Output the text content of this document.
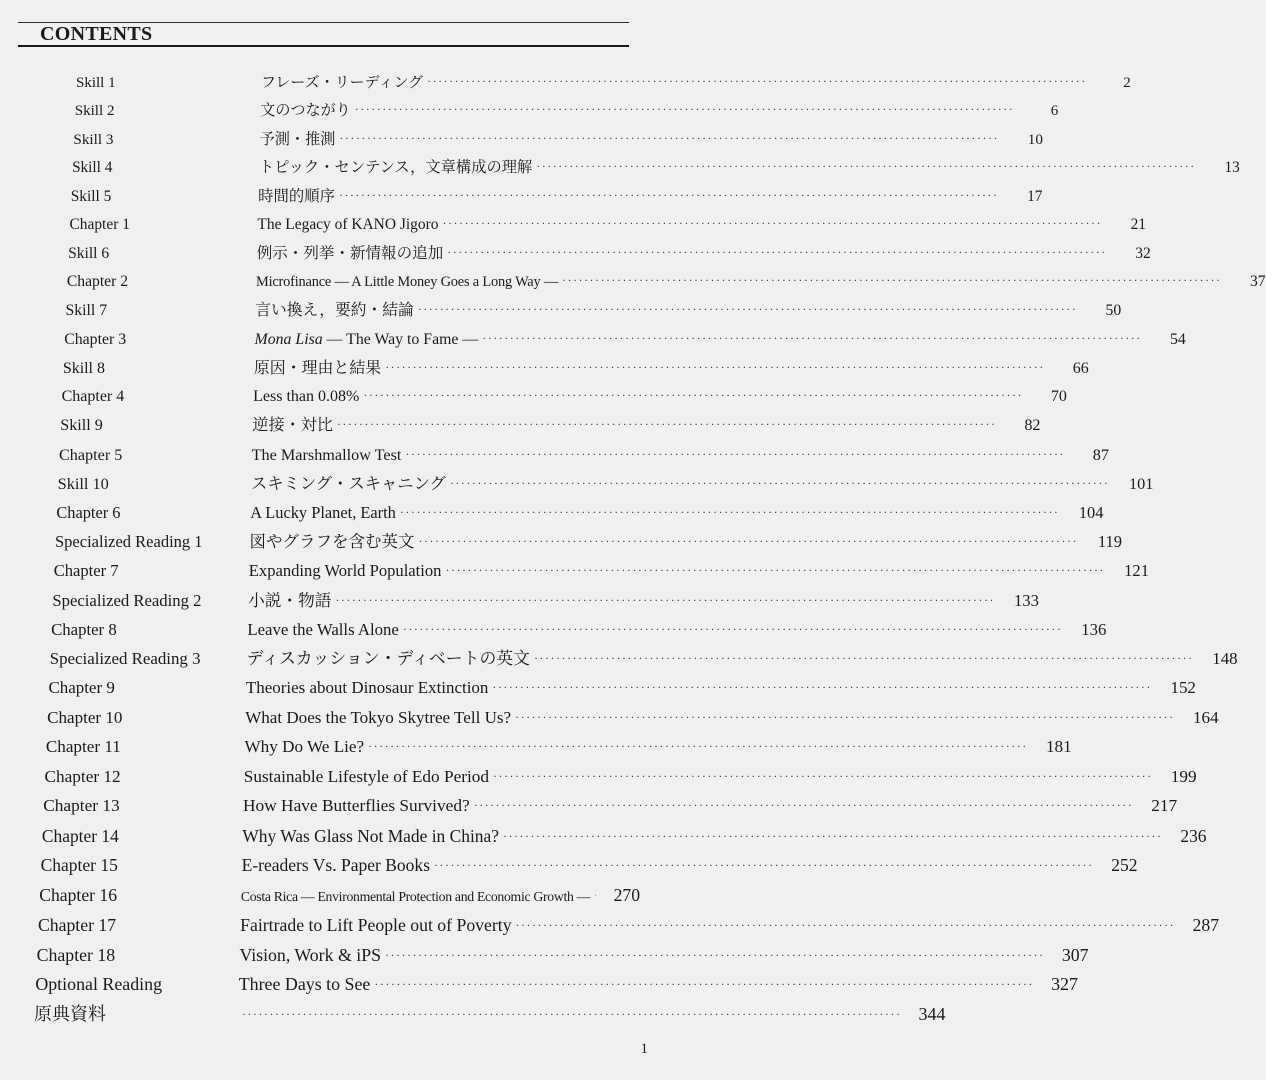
CONTENTS
Skill 1	フレーズ・リーディング ························································································································	2
Skill 2	文のつながり ························································································································	6
Skill 3	予測・推測 ························································································································	10
Skill 4	トピック・センテンス，文章構成の理解 ························································································································	13
Skill 5	時間的順序 ························································································································	17
Chapter 1	The Legacy of KANO Jigoro ························································································································	21
Skill 6	例示・列挙・新情報の追加 ························································································································	32
Chapter 2	Microfinance — A Little Money Goes a Long Way — ························································································································	37
Skill 7	言い換え，要約・結論 ························································································································	50
Chapter 3	Mona Lisa — The Way to Fame — ························································································································	54
Skill 8	原因・理由と結果 ························································································································	66
Chapter 4	Less than 0.08% ························································································································	70
Skill 9	逆接・対比 ························································································································	82
Chapter 5	The Marshmallow Test ························································································································	87
Skill 10	スキミング・スキャニング ························································································································	101
Chapter 6	A Lucky Planet, Earth ························································································································	104
Specialized Reading 1	図やグラフを含む英文 ························································································································	119
Chapter 7	Expanding World Population ························································································································	121
Specialized Reading 2	小説・物語 ························································································································	133
Chapter 8	Leave the Walls Alone ························································································································	136
Specialized Reading 3	ディスカッション・ディベートの英文 ························································································································	148
Chapter 9	Theories about Dinosaur Extinction ························································································································	152
Chapter 10	What Does the Tokyo Skytree Tell Us? ························································································································	164
Chapter 11	Why Do We Lie? ························································································································	181
Chapter 12	Sustainable Lifestyle of Edo Period ························································································································	199
Chapter 13	How Have Butterflies Survived? ························································································································	217
Chapter 14	Why Was Glass Not Made in China? ························································································································	236
Chapter 15	E-readers Vs. Paper Books ························································································································	252
Chapter 16	Costa Rica — Environmental Protection and Economic Growth —	270
Chapter 17	Fairtrade to Lift People out of Poverty ························································································································ 287
Chapter 18	Vision, Work & iPS ························································································································ 307
Optional Reading	Three Days to See ························································································································ 327
原典資料	························································································································ 344
1
